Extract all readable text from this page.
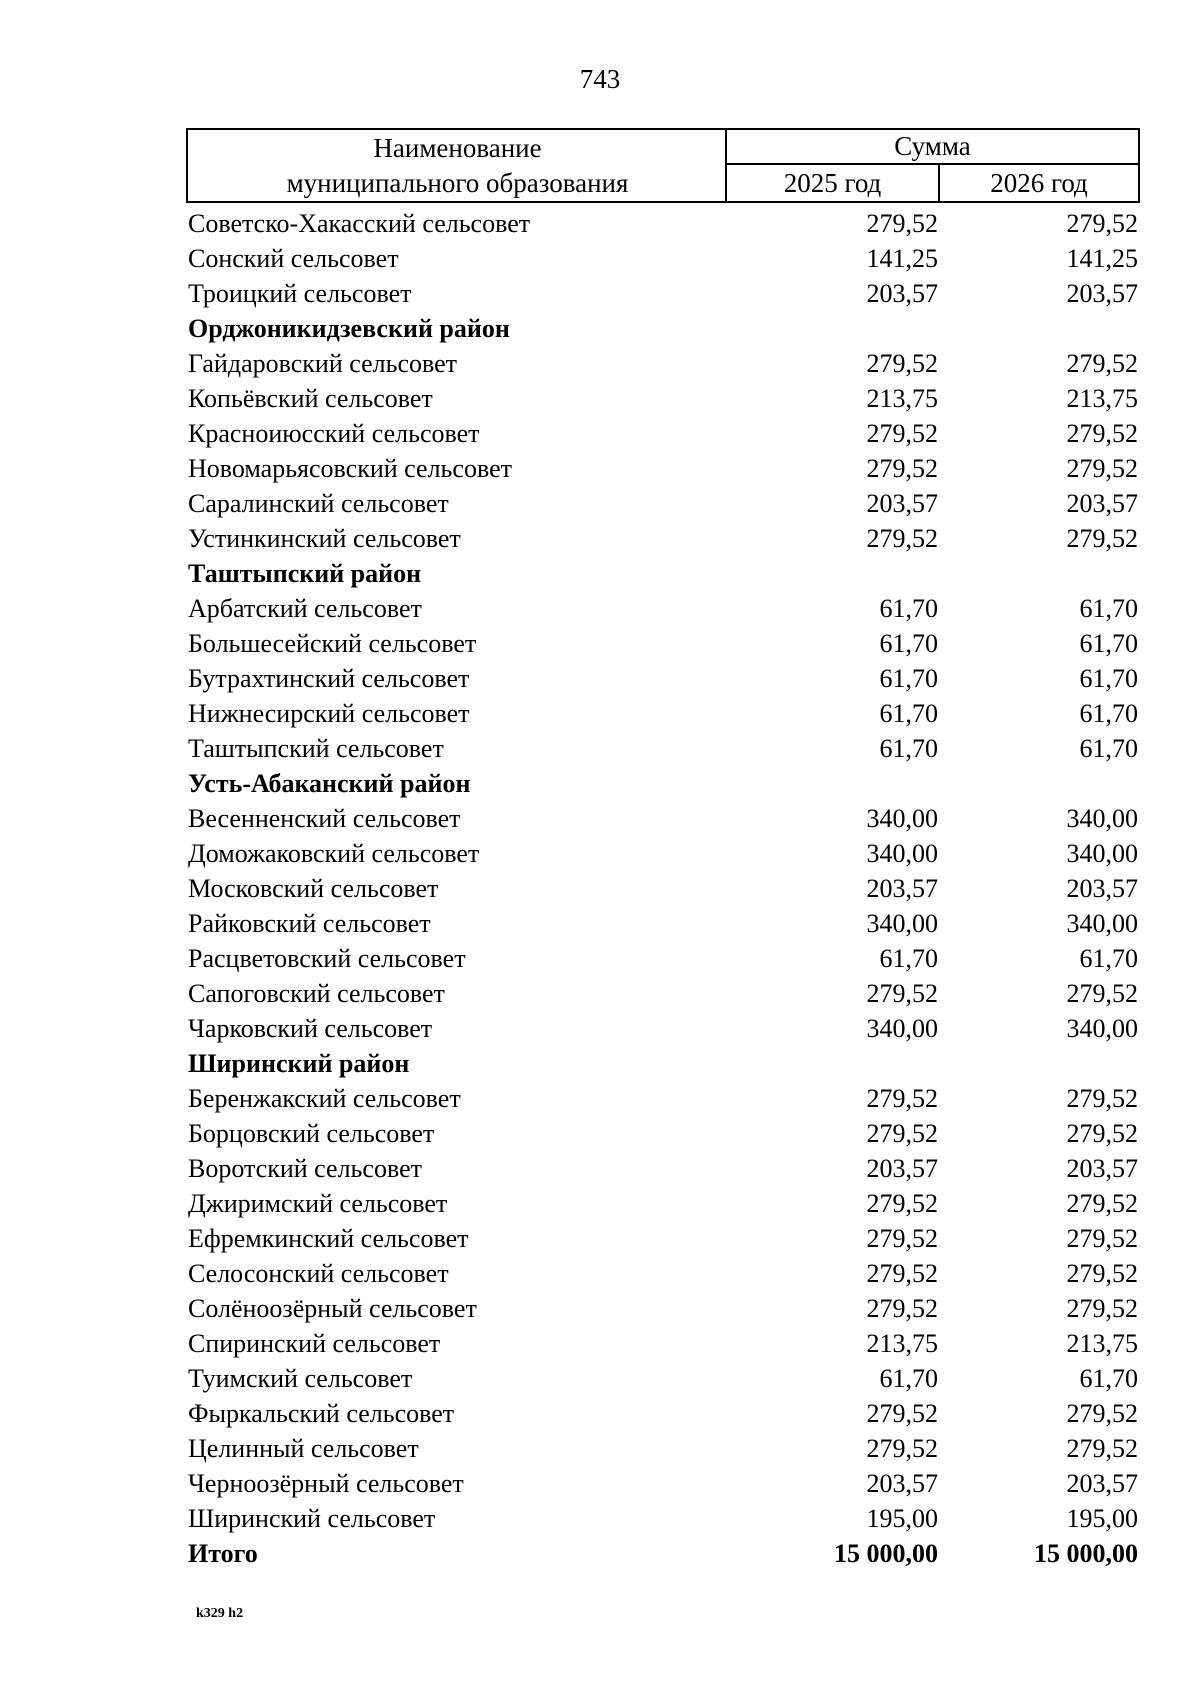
743
Наименование
муниципального образования
Сумма
2025 год	2026 год
Советско-Хакасский сельсовет	279,52	279,52
Сонский сельсовет	141,25	141,25
Троицкий сельсовет	203,57	203,57
Орджоникидзевский район
Гайдаровский сельсовет	279,52	279,52
Копьёвский сельсовет	213,75	213,75
Красноиюсский сельсовет	279,52	279,52
Новомарьясовский сельсовет	279,52	279,52
Саралинский сельсовет	203,57	203,57
Устинкинский сельсовет	279,52	279,52
Таштыпский район
Арбатский сельсовет	61,70	61,70
Большесейский сельсовет	61,70	61,70
Бутрахтинский сельсовет	61,70	61,70
Нижнесирский сельсовет	61,70	61,70
Таштыпский сельсовет	61,70	61,70
Усть-Абаканский район
Весенненский сельсовет	340,00	340,00
Доможаковский сельсовет	340,00	340,00
Московский сельсовет	203,57	203,57
Райковский сельсовет	340,00	340,00
Расцветовский сельсовет	61,70	61,70
Сапоговский сельсовет	279,52	279,52
Чарковский сельсовет	340,00	340,00
Ширинский район
Беренжакский сельсовет	279,52	279,52
Борцовский сельсовет	279,52	279,52
Воротский сельсовет	203,57	203,57
Джиримский сельсовет	279,52	279,52
Ефремкинский сельсовет	279,52	279,52
Селосонский сельсовет	279,52	279,52
Солёноозёрный сельсовет	279,52	279,52
Спиринский сельсовет	213,75	213,75
Туимский сельсовет	61,70	61,70
Фыркальский сельсовет	279,52	279,52
Целинный сельсовет	279,52	279,52
Черноозёрный сельсовет	203,57	203,57
Ширинский сельсовет	195,00	195,00
Итого	15 000,00	15 000,00
k329 h2
